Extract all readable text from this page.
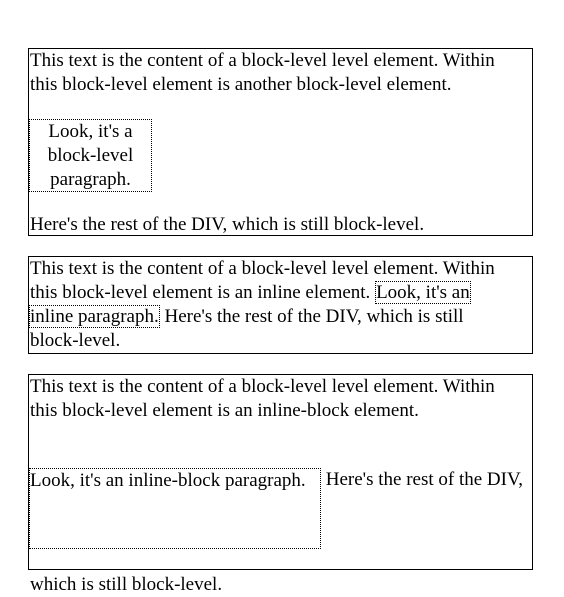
This text is the content of a block-level level element. Within
this block-level element is another block-level element.
Look, it's a
block-level
paragraph.
Here's the rest of the DIV, which is still block-level.
This text is the content of a block-level level element. Within
this block-level element is an inline element. Look, it's an
inline paragraph. Here's the rest of the DIV, which is still
block-level.
This text is the content of a block-level level element. Within
this block-level element is an inline-block element.
Look, it's an inline-block paragraph. Here's the rest of the DIV,
which is still block-level.
